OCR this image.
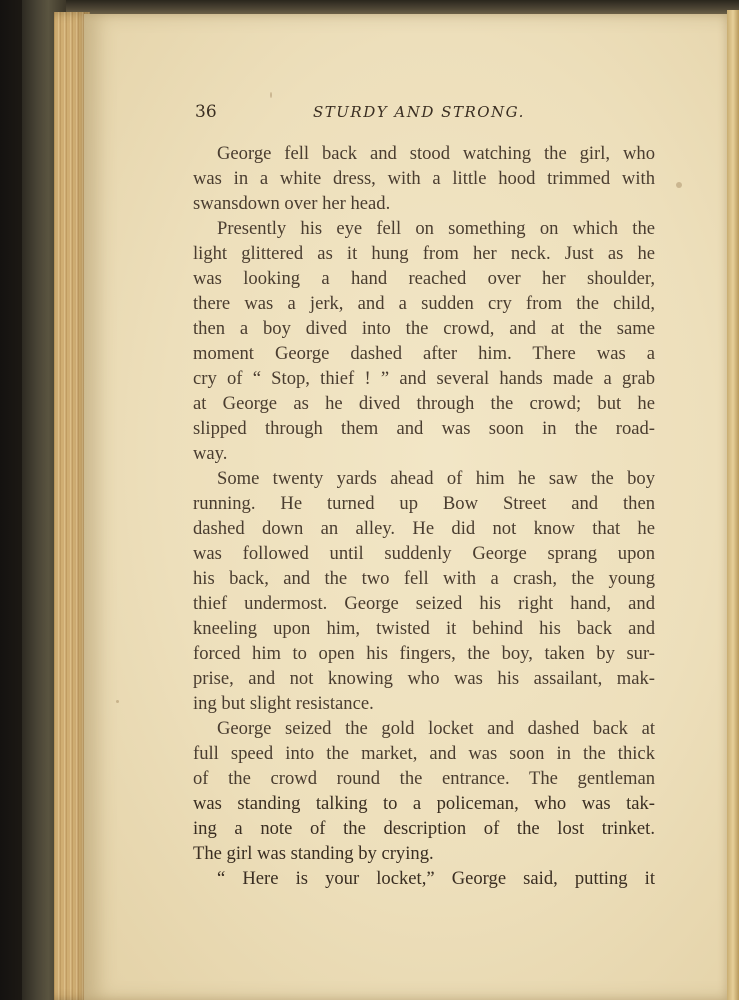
36	STURDY AND STRONG.
George fell back and stood watching the girl, who
was in a white dress, with a little hood trimmed with
swansdown over her head.
Presently his eye fell on something on which the
light glittered as it hung from her neck. Just as he
was looking a hand reached over her shoulder,
there was a jerk, and a sudden cry from the child,
then a boy dived into the crowd, and at the same
moment George dashed after him. There was a
cry of “ Stop, thief ! ” and several hands made a grab
at George as he dived through the crowd; but he
slipped through them and was soon in the road-
way.
Some twenty yards ahead of him he saw the boy
running. He turned up Bow Street and then
dashed down an alley. He did not know that he
was followed until suddenly George sprang upon
his back, and the two fell with a crash, the young
thief undermost. George seized his right hand, and
kneeling upon him, twisted it behind his back and
forced him to open his fingers, the boy, taken by sur-
prise, and not knowing who was his assailant, mak-
ing but slight resistance.
George seized the gold locket and dashed back at
full speed into the market, and was soon in the thick
of the crowd round the entrance. The gentleman
was standing talking to a policeman, who was tak-
ing a note of the description of the lost trinket.
The girl was standing by crying.
“ Here is your locket,” George said, putting it
